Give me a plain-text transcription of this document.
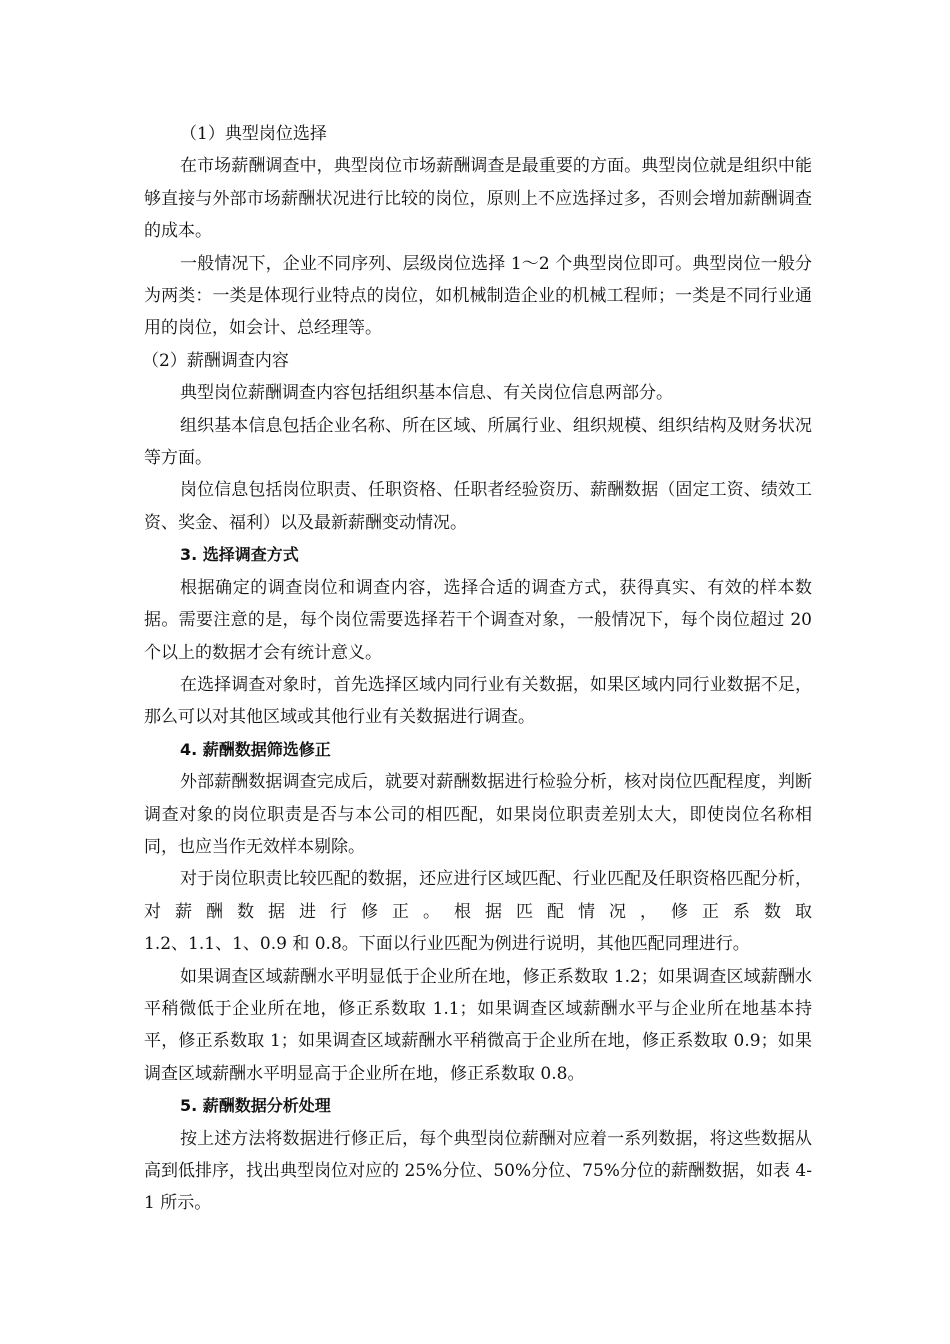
（1）典型岗位选择

在市场薪酬调查中，典型岗位市场薪酬调查是最重要的方面。典型岗位就是组织中能够直接与外部市场薪酬状况进行比较的岗位，原则上不应选择过多，否则会增加薪酬调查的成本。

一般情况下，企业不同序列、层级岗位选择 1～2 个典型岗位即可。典型岗位一般分为两类：一类是体现行业特点的岗位，如机械制造企业的机械工程师；一类是不同行业通用的岗位，如会计、总经理等。

（2）薪酬调查内容

典型岗位薪酬调查内容包括组织基本信息、有关岗位信息两部分。

组织基本信息包括企业名称、所在区域、所属行业、组织规模、组织结构及财务状况等方面。

岗位信息包括岗位职责、任职资格、任职者经验资历、薪酬数据（固定工资、绩效工资、奖金、福利）以及最新薪酬变动情况。

3. 选择调查方式

根据确定的调查岗位和调查内容，选择合适的调查方式，获得真实、有效的样本数据。需要注意的是，每个岗位需要选择若干个调查对象，一般情况下，每个岗位超过 20 个以上的数据才会有统计意义。

在选择调查对象时，首先选择区域内同行业有关数据，如果区域内同行业数据不足，那么可以对其他区域或其他行业有关数据进行调查。

4. 薪酬数据筛选修正

外部薪酬数据调查完成后，就要对薪酬数据进行检验分析，核对岗位匹配程度，判断调查对象的岗位职责是否与本公司的相匹配，如果岗位职责差别太大，即使岗位名称相同，也应当作无效样本剔除。

对于岗位职责比较匹配的数据，还应进行区域匹配、行业匹配及任职资格匹配分析，对薪酬数据进行修正。根据匹配情况，修正系数取

1.2、1.1、1、0.9 和 0.8。下面以行业匹配为例进行说明，其他匹配同理进行。

如果调查区域薪酬水平明显低于企业所在地，修正系数取 1.2；如果调查区域薪酬水平稍微低于企业所在地，修正系数取 1.1；如果调查区域薪酬水平与企业所在地基本持平，修正系数取 1；如果调查区域薪酬水平稍微高于企业所在地，修正系数取 0.9；如果调查区域薪酬水平明显高于企业所在地，修正系数取 0.8。

5. 薪酬数据分析处理

按上述方法将数据进行修正后，每个典型岗位薪酬对应着一系列数据，将这些数据从高到低排序，找出典型岗位对应的 25%分位、50%分位、75%分位的薪酬数据，如表 4-1 所示。
